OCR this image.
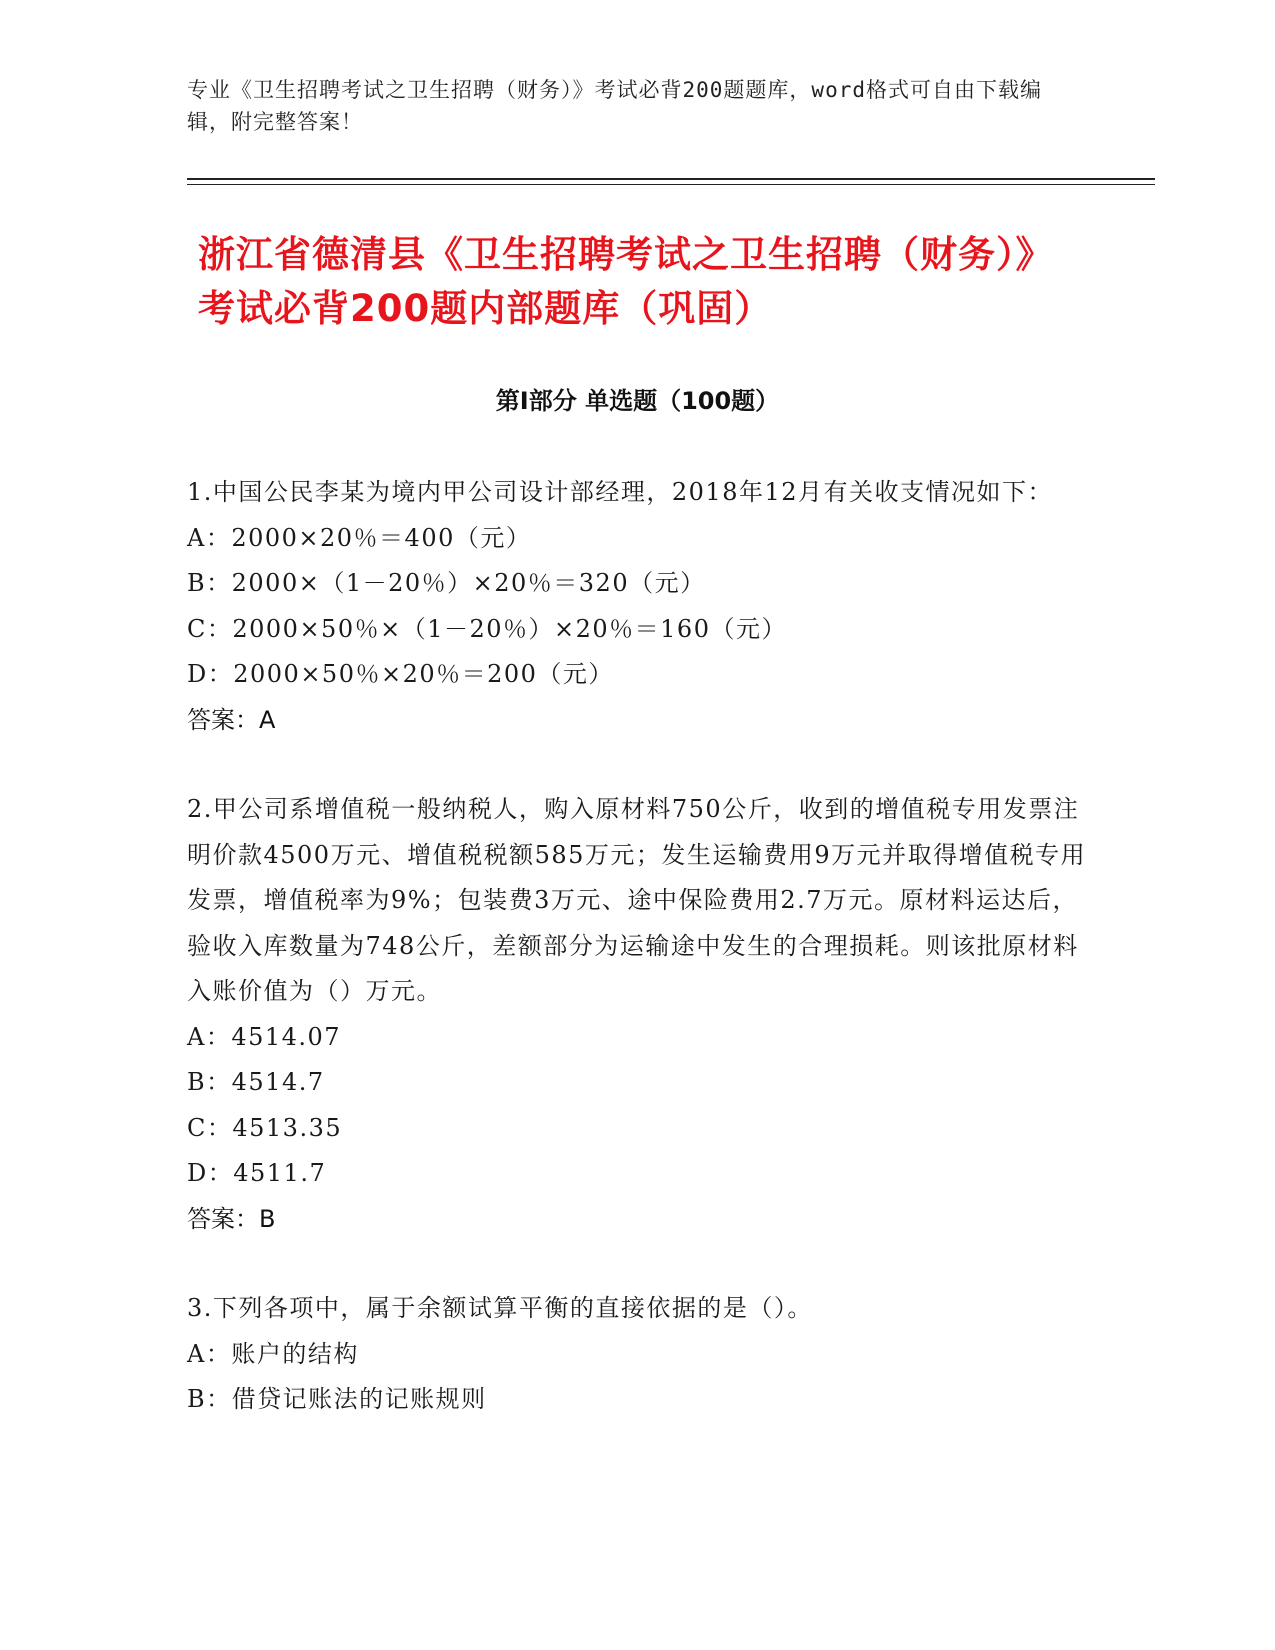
专业《卫生招聘考试之卫生招聘（财务）》考试必背200题题库，word格式可自由下载编辑，附完整答案！

浙江省德清县《卫生招聘考试之卫生招聘（财务）》考试必背200题内部题库（巩固）
第I部分 单选题（100题）

1.中国公民李某为境内甲公司设计部经理，2018年12月有关收支情况如下：

A：2000×20％＝400（元）

B：2000×（1－20％）×20％＝320（元）

C：2000×50％×（1－20％）×20％＝160（元）

D：2000×50％×20％＝200（元）

答案：A

2.甲公司系增值税一般纳税人，购入原材料750公斤，收到的增值税专用发票注明价款4500万元、增值税税额585万元；发生运输费用9万元并取得增值税专用发票，增值税率为9%；包装费3万元、途中保险费用2.7万元。原材料运达后，验收入库数量为748公斤，差额部分为运输途中发生的合理损耗。则该批原材料入账价值为（）万元。

A：4514.07

B：4514.7

C：4513.35

D：4511.7

答案：B

3.下列各项中，属于余额试算平衡的直接依据的是（）。

A：账户的结构

B：借贷记账法的记账规则
